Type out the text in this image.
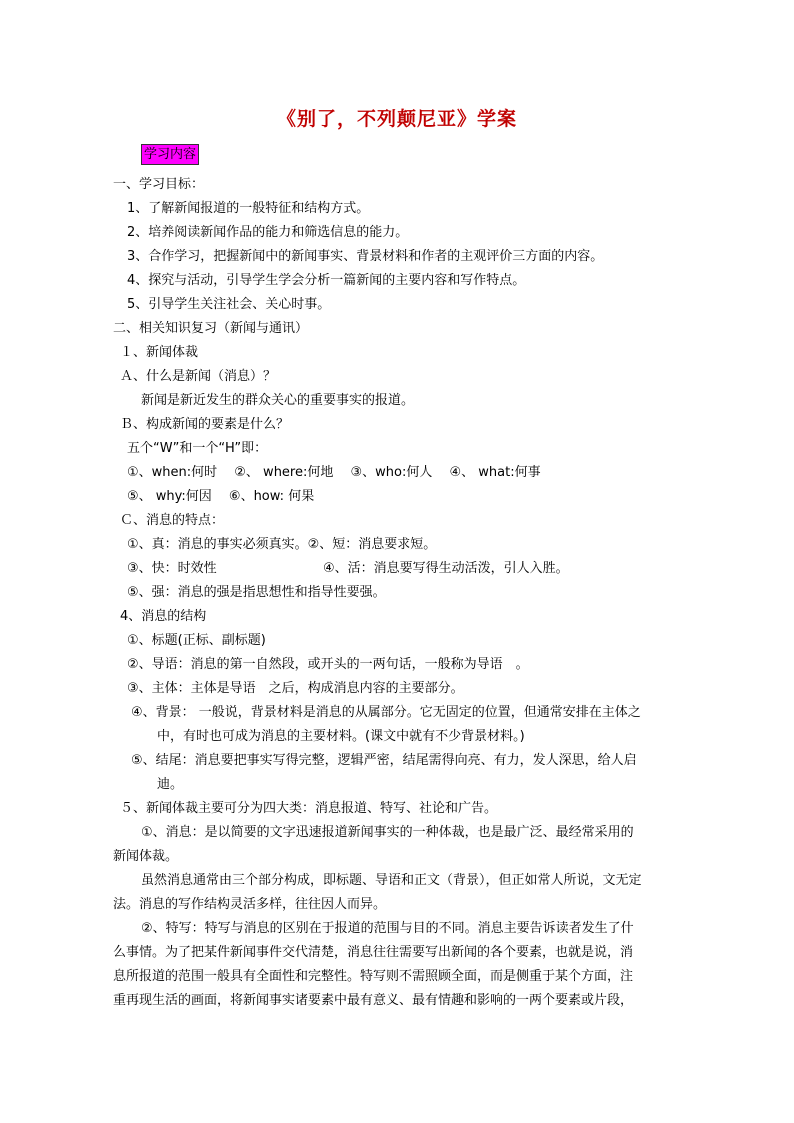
《别了，不列颠尼亚》学案
学习内容
一、学习目标：
1、了解新闻报道的一般特征和结构方式。
2、培养阅读新闻作品的能力和筛选信息的能力。
3、合作学习，把握新闻中的新闻事实、背景材料和作者的主观评价三方面的内容。
4、探究与活动，引导学生学会分析一篇新闻的主要内容和写作特点。
5、引导学生关注社会、关心时事。
二、相关知识复习（新闻与通讯）
１、新闻体裁
Ａ、什么是新闻（消息）？
新闻是新近发生的群众关心的重要事实的报道。
Ｂ、构成新闻的要素是什么？
五个“W”和一个“H”即：
①、when:何时　 ②、 where:何地　 ③、who:何人　 ④、 what:何事
⑤、 why:何因　 ⑥、how: 何果
Ｃ、消息的特点：
①、真：消息的事实必须真实。②、短：消息要求短。
③、快：时效性	④、活：消息要写得生动活泼，引人入胜。
⑤、强：消息的强是指思想性和指导性要强。
4、消息的结构
①、标题(正标、副标题)
②、导语：消息的第一自然段，或开头的一两句话，一般称为导语　。
③、主体：主体是导语　之后，构成消息内容的主要部分。
④、背景： 一般说，背景材料是消息的从属部分。它无固定的位置，但通常安排在主体之
中，有时也可成为消息的主要材料。(课文中就有不少背景材料。)
⑤、结尾：消息要把事实写得完整，逻辑严密，结尾需得向亮、有力，发人深思，给人启
迪。
５、新闻体裁主要可分为四大类：消息报道、特写、社论和广告。
①、消息：是以简要的文字迅速报道新闻事实的一种体裁，也是最广泛、最经常采用的
新闻体裁。
虽然消息通常由三个部分构成，即标题、导语和正文（背景），但正如常人所说，文无定
法。消息的写作结构灵活多样，往往因人而异。
②、特写：特写与消息的区别在于报道的范围与目的不同。消息主要告诉读者发生了什
么事情。为了把某件新闻事件交代清楚，消息往往需要写出新闻的各个要素，也就是说，消
息所报道的范围一般具有全面性和完整性。特写则不需照顾全面，而是侧重于某个方面，注
重再现生活的画面，将新闻事实诸要素中最有意义、最有情趣和影响的一两个要素或片段，
